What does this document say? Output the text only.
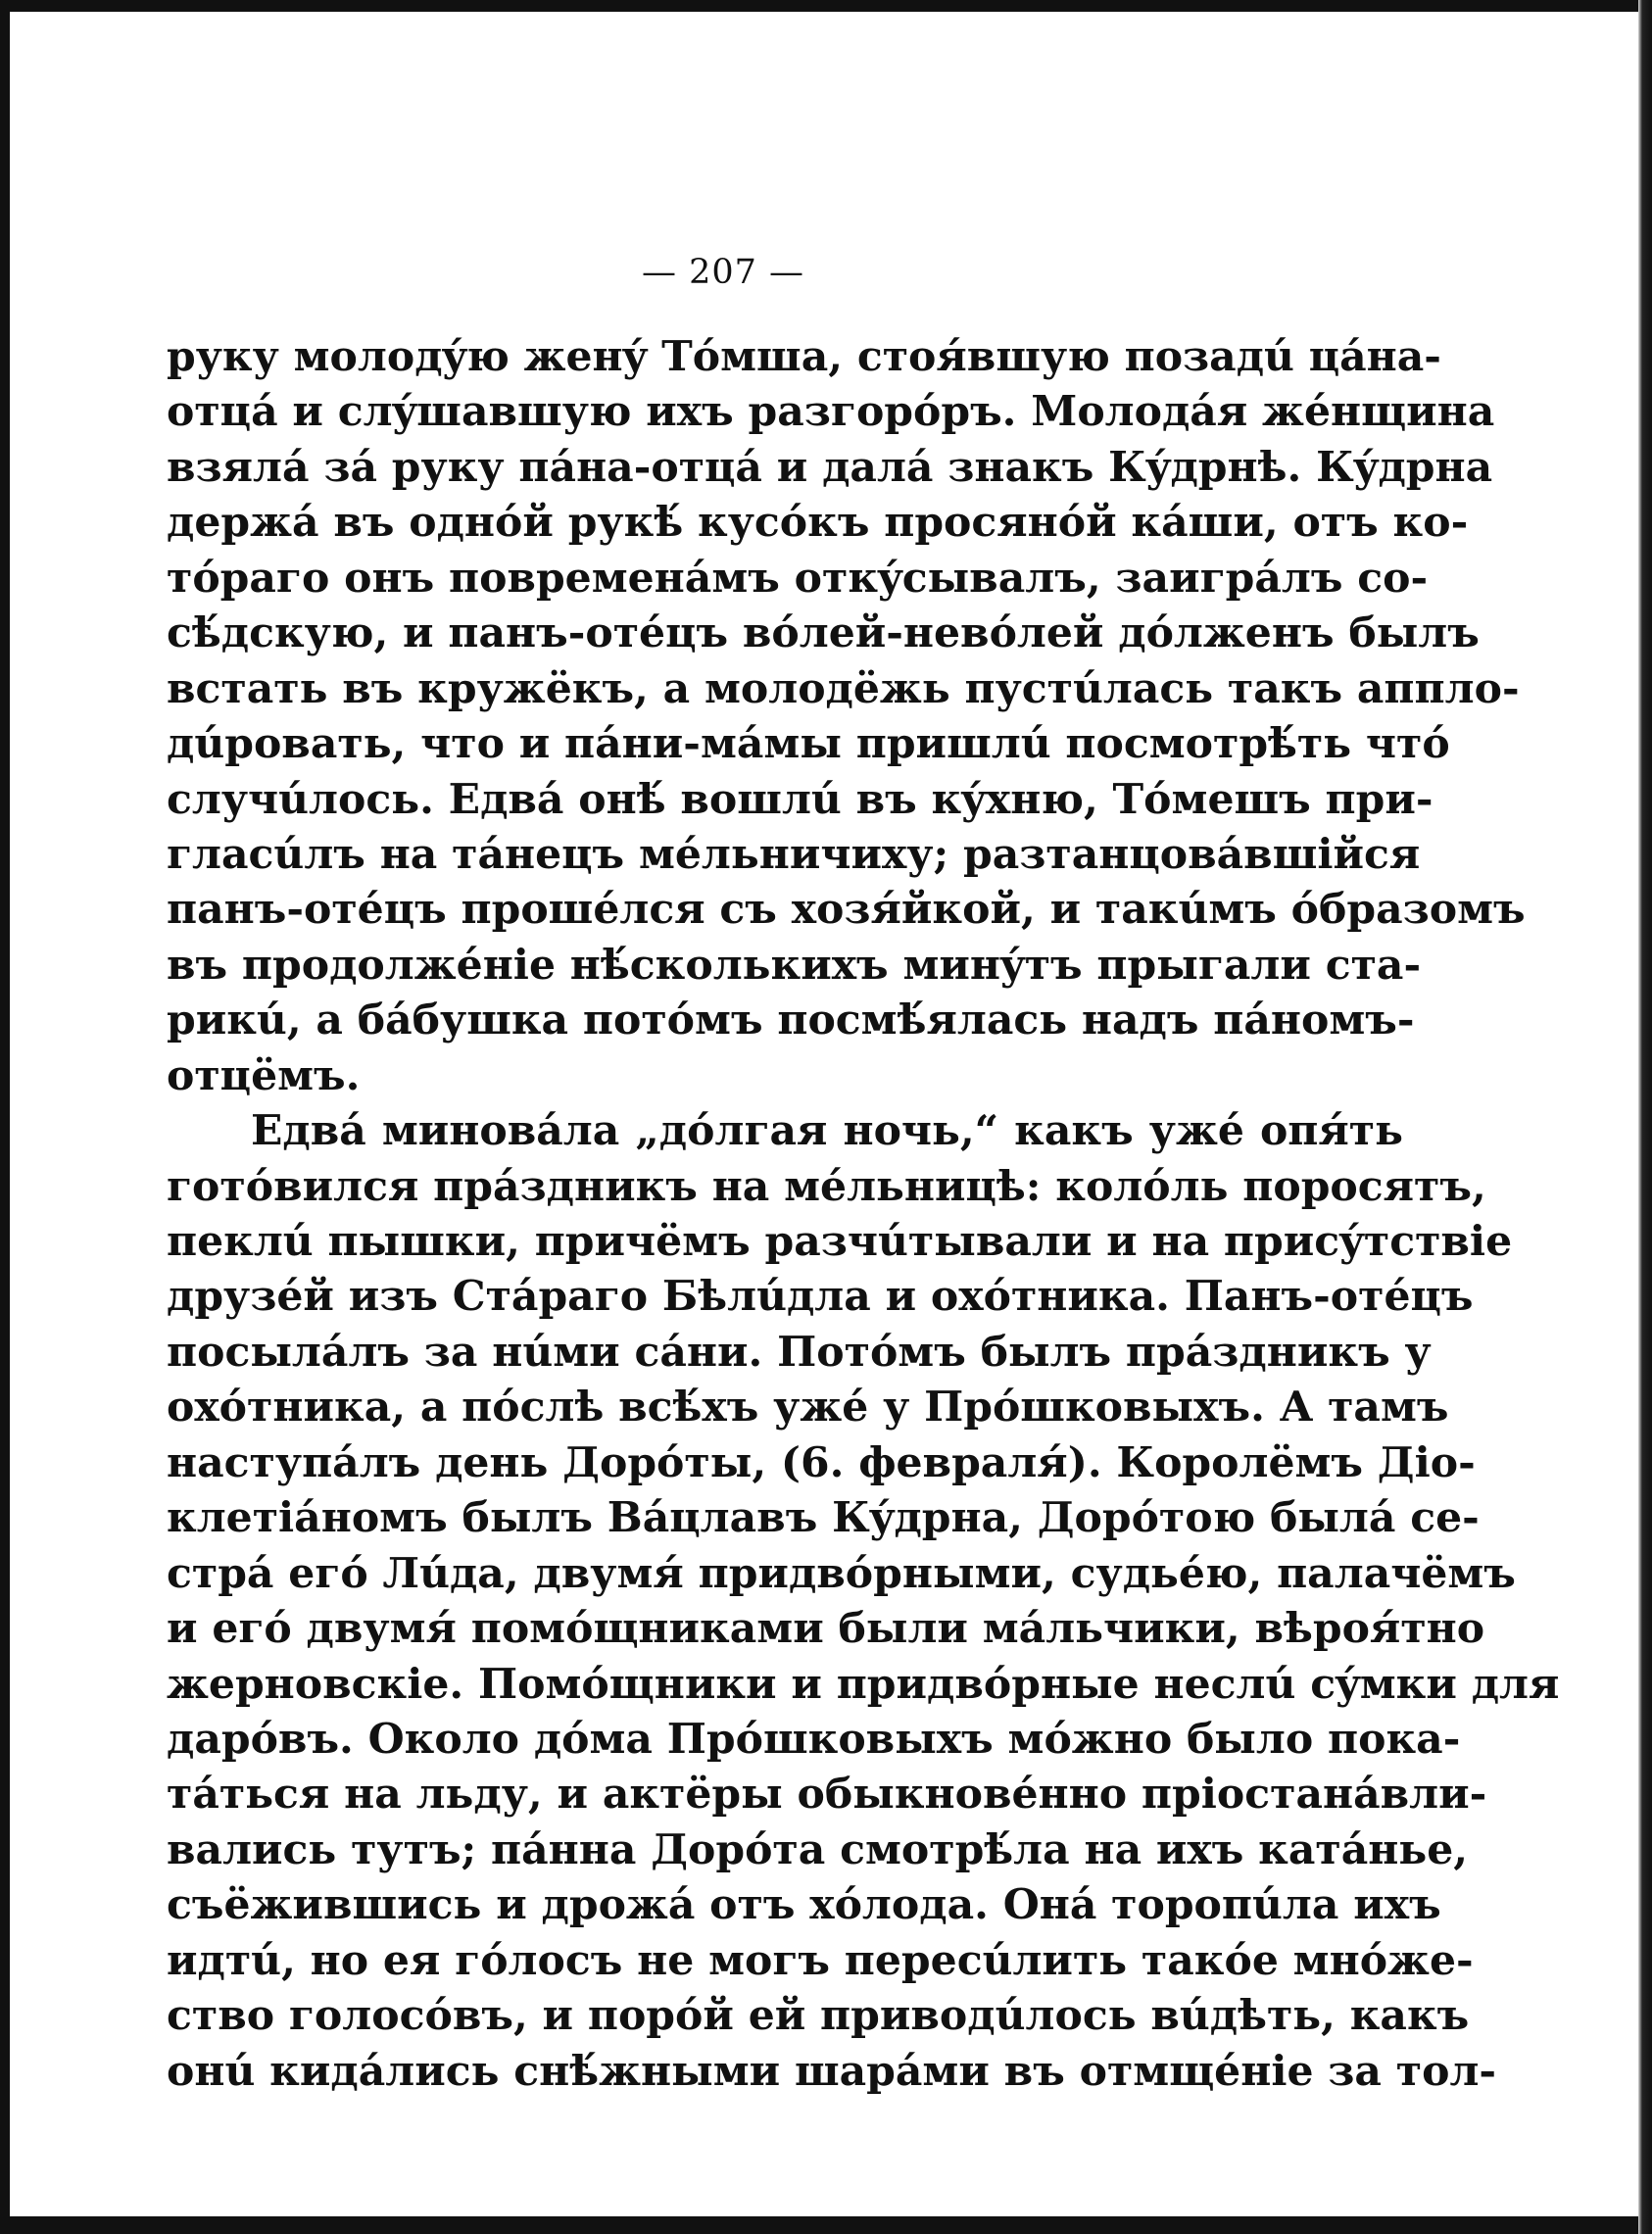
— 207 —
руку молодýю женý Тóмша, стоя́вшую позадú цáна-
отцá и слýшавшую ихъ разгорóръ. Молодáя жéнщина
взялá зá руку пáна-отцá и далá знакъ Кýдрнѣ. Кýдрна
держá въ однóй рукѣ́ кусóкъ просянóй кáши, отъ ко-
тóраго онъ повременáмъ откýсывалъ, заигрáлъ со-
сѣ́дскую, и панъ-отéцъ вóлей-невóлей дóлженъ былъ
встать въ кружёкъ, а молодёжь пустúлась такъ аппло-
дúровать, что и пáни-мáмы пришлú посмотрѣ́ть чтó
случúлось. Едвá онѣ́ вошлú въ кýхню, Тóмешъ при-
гласúлъ на тáнецъ мéльничиху; разтанцовáвшійся
панъ-отéцъ прошéлся съ хозя́йкой, и такúмъ óбразомъ
въ продолжéніе нѣ́сколькихъ минýтъ прыгали ста-
рикú, а бáбушка потóмъ посмѣ́ялась надъ пáномъ-
отцёмъ.
Едвá миновáла „дóлгая ночь,“ какъ ужé опя́ть
готóвился прáздникъ на мéльницѣ: колóль поросятъ,
пеклú пышки, причёмъ разчúтывали и на присýтствіе
друзéй изъ Стáраго Бѣлúдла и охóтника. Панъ-отéцъ
посылáлъ за нúми сáни. Потóмъ былъ прáздникъ у
охóтника, а пóслѣ всѣ́хъ ужé у Прóшковыхъ. А тамъ
наступáлъ день Дорóты, (6. февраля́). Королёмъ Діо-
клетіáномъ былъ Вáцлавъ Кýдрна, Дорóтою былá се-
стрá егó Лúда, двумя́ придвóрными, судьéю, палачёмъ
и егó двумя́ помóщниками были мáльчики, вѣроя́тно
жерновскіе. Помóщники и придвóрные неслú сýмки для
дарóвъ. Около дóма Прóшковыхъ мóжно было пока-
тáться на льду, и актёры обыкновéнно пріостанáвли-
вались тутъ; пáнна Дорóта смотрѣ́ла на ихъ катáнье,
съёжившись и дрожá отъ хóлода. Онá торопúла ихъ
идтú, но ея гóлосъ не могъ пересúлить такóе мнóже-
ство голосóвъ, и порóй ей приводúлось вúдѣть, какъ
онú кидáлись снѣ́жными шарáми въ отмщéніе за тол-
